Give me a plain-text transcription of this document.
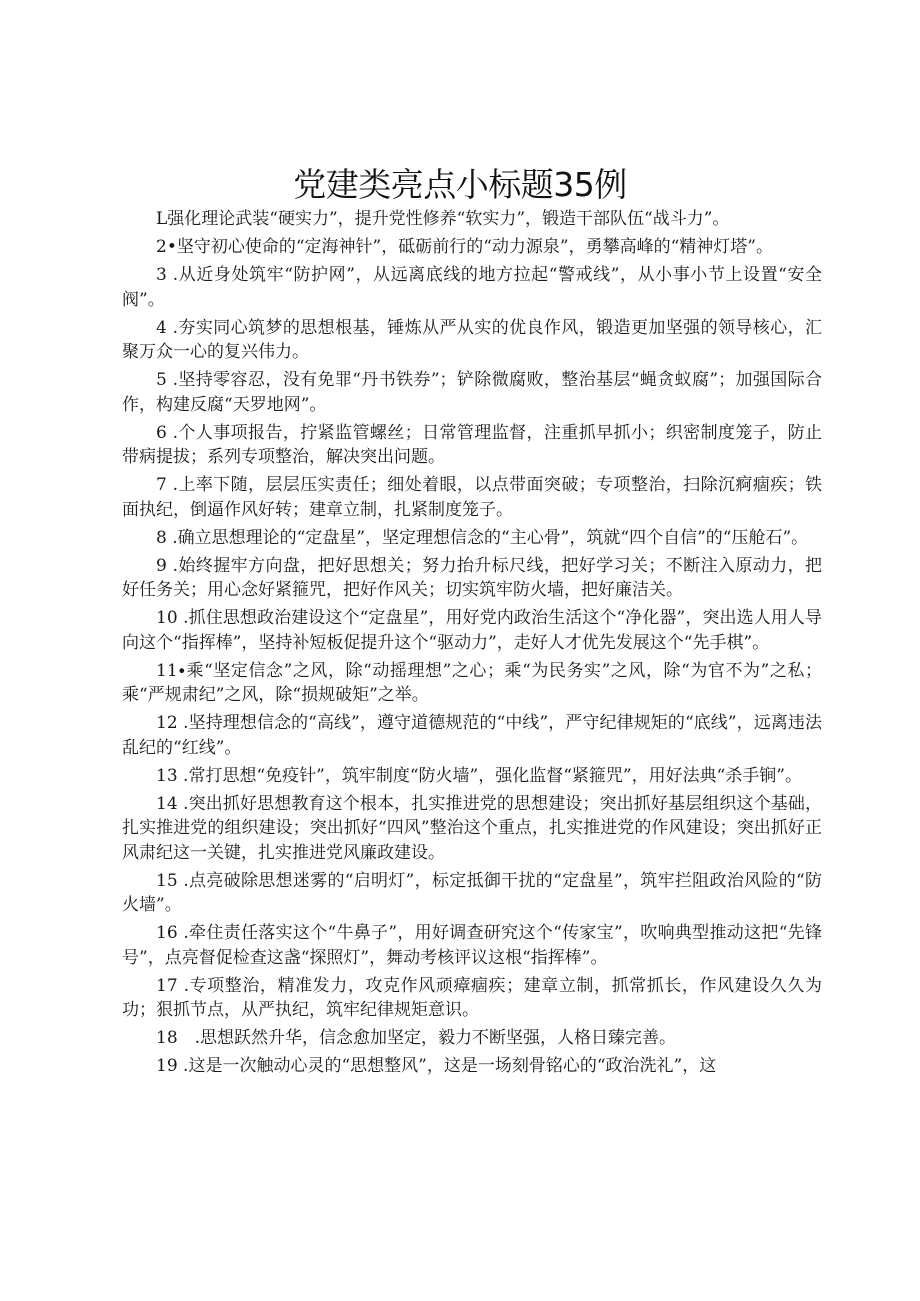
党建类亮点小标题35例

L强化理论武装“硬实力”，提升党性修养“软实力”，锻造干部队伍“战斗力”。

2•坚守初心使命的“定海神针”，砥砺前行的“动力源泉”，勇攀高峰的“精神灯塔”。

3 .从近身处筑牢“防护网”，从远离底线的地方拉起“警戒线”，从小事小节上设置“安全阀”。

4 .夯实同心筑梦的思想根基，锤炼从严从实的优良作风，锻造更加坚强的领导核心，汇聚万众一心的复兴伟力。

5 .坚持零容忍，没有免罪“丹书铁券”；铲除微腐败，整治基层“蝇贪蚁腐”；加强国际合作，构建反腐“天罗地网”。

6 .个人事项报告，拧紧监管螺丝；日常管理监督，注重抓早抓小；织密制度笼子，防止带病提拔；系列专项整治，解决突出问题。

7 .上率下随，层层压实责任；细处着眼，以点带面突破；专项整治，扫除沉痾痼疾；铁面执纪，倒逼作风好转；建章立制，扎紧制度笼子。

8 .确立思想理论的“定盘星”，坚定理想信念的“主心骨”，筑就“四个自信”的“压舱石”。

9 .始终握牢方向盘，把好思想关；努力抬升标尺线，把好学习关；不断注入原动力，把好任务关；用心念好紧箍咒，把好作风关；切实筑牢防火墙，把好廉洁关。

10 .抓住思想政治建设这个“定盘星”，用好党内政治生活这个“净化器”，突出选人用人导向这个“指挥棒”，坚持补短板促提升这个“驱动力”，走好人才优先发展这个“先手棋”。

11∙乘“坚定信念”之风，除“动摇理想”之心；乘“为民务实”之风，除“为官不为”之私；乘“严规肃纪”之风，除“损规破矩”之举。

12 .坚持理想信念的“高线”，遵守道德规范的“中线”，严守纪律规矩的“底线”，远离违法乱纪的“红线”。

13 .常打思想“免疫针”，筑牢制度“防火墙”，强化监督“紧箍咒”，用好法典“杀手锏”。

14 .突出抓好思想教育这个根本，扎实推进党的思想建设；突出抓好基层组织这个基础，扎实推进党的组织建设；突出抓好“四风”整治这个重点，扎实推进党的作风建设；突出抓好正风肃纪这一关键，扎实推进党风廉政建设。

15 .点亮破除思想迷雾的“启明灯”，标定抵御干扰的“定盘星”，筑牢拦阻政治风险的“防火墙”。

16 .牵住责任落实这个“牛鼻子”，用好调查研究这个“传家宝”，吹响典型推动这把“先锋号”，点亮督促检查这盏“探照灯”，舞动考核评议这根“指挥棒”。

17 .专项整治，精准发力，攻克作风顽瘴痼疾；建章立制，抓常抓长，作风建设久久为功；狠抓节点，从严执纪，筑牢纪律规矩意识。

18　.思想跃然升华，信念愈加坚定，毅力不断坚强，人格日臻完善。

19 .这是一次触动心灵的“思想整风”，这是一场刻骨铭心的“政治洗礼”，这
